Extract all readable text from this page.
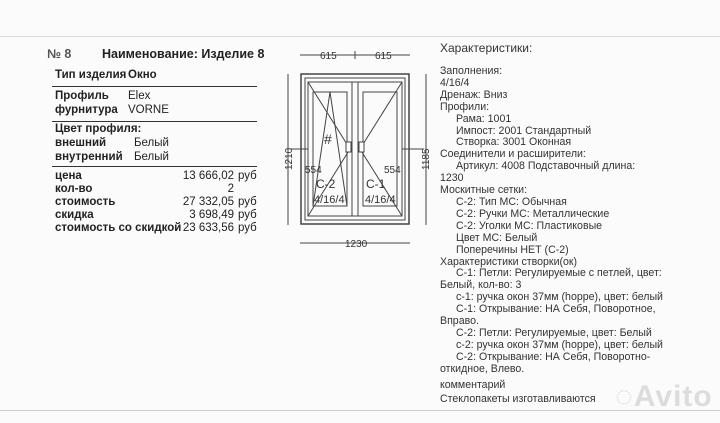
№ 8 Наименование: Изделие 8
Тип изделия Окно
Профиль Elex
фурнитура VORNE
Цвет профиля:
внешний Белый
внутренний Белый
цена	13 666,02 руб
кол-во	2
стоимость	27 332,05 руб
скидка	3 698,49 руб
стоимость со скидкой 23 633,56 руб
615	615
1210	1185
1230
#
554	554
С-2	С-1
4/16/4 4/16/4
Характеристики:
Заполнения:
4/16/4
Дренаж: Вниз
Профили:
Рама: 1001
Импост: 2001 Стандартный
Створка: 3001 Оконная
Соединители и расширители:
Артикул: 4008 Подставочный длина:
1230
Москитные сетки:
С-2: Тип МС: Обычная
С-2: Ручки МС: Металлические
С-2: Уголки МС: Пластиковые
Цвет МС: Белый
Поперечины НЕТ (С-2)
Характеристики створки(ок)
С-1: Петли: Регулируемые с петлей, цвет:
Белый, кол-во: 3
с-1: ручка окон 37мм (hoppe), цвет: белый
С-1: Открывание: НА Себя, Поворотное,
Вправо.
С-2: Петли: Регулируемые, цвет: Белый
с-2: ручка окон 37мм (hoppe), цвет: белый
С-2: Открывание: НА Себя, Поворотно-
откидное, Влево.
комментарий
Стеклопакеты изготавливаются ◌Avito
